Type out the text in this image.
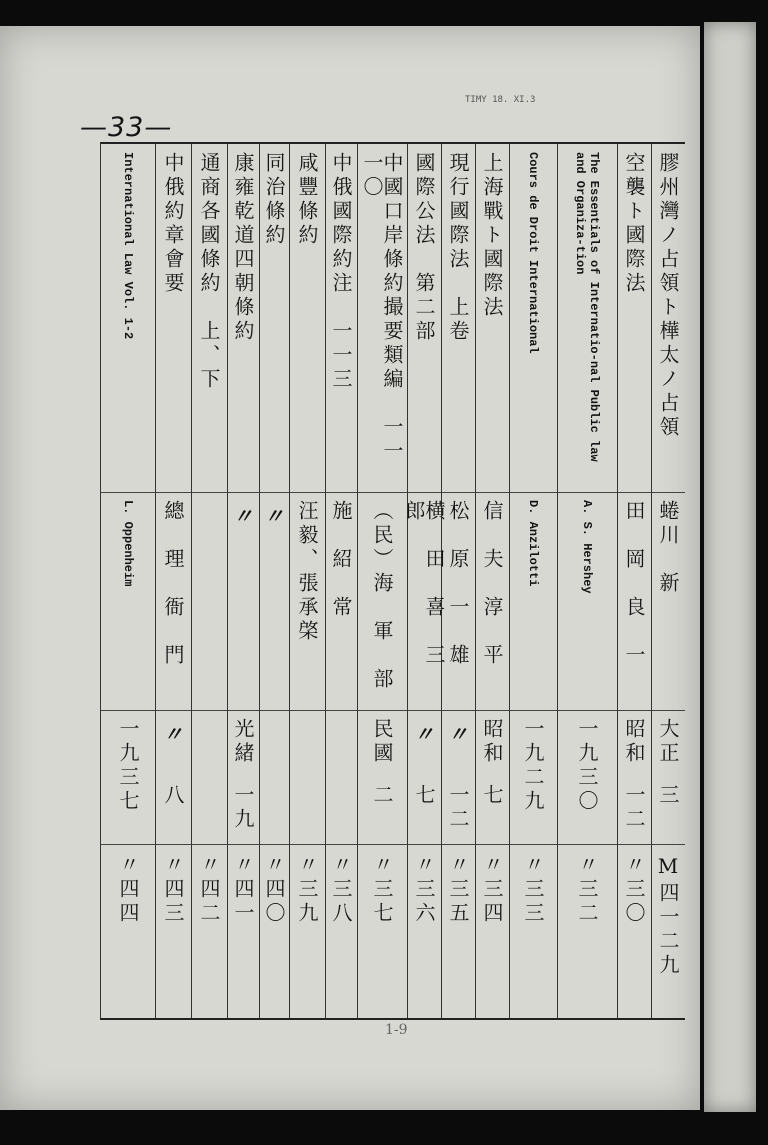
—33—
TIMY 18. XI.3
1-9
International Law Vol. 1-2
L. Oppenheim
一九三七
〃四四
中俄約章會要
總　理　衙　門
〃
八
〃四三
通商各國條約　上、下
〃四二
康雍乾道四朝條約
〃
光緒
一九
〃四一
同治條約
〃
〃四〇
咸豐條約
汪毅、張承棨
〃三九
中俄國際約注　一一三
施　紹　常
〃三八
中國口岸條約撮要類編　一一一〇
（民）海　軍　部
民國
二
〃三七
國際公法　第二部
横　田　喜　三　郎
〃
七
〃三六
現行國際法　上卷
松　原　一　雄
〃
一二
〃三五
上海戰ト國際法
信　夫　淳　平
昭和
七
〃三四
Cours de Droit International
D. Anzilotti
一九二九
〃三三
The Essentials of Internatio-nal Public law and Organiza-tion
A. S. Hershey
一九三〇
〃三二
空襲ト國際法
田　岡　良　一
昭和
一二
〃三〇
膠州灣ノ占領ト樺太ノ占領
蜷川　新
大正
三
M四一二九
